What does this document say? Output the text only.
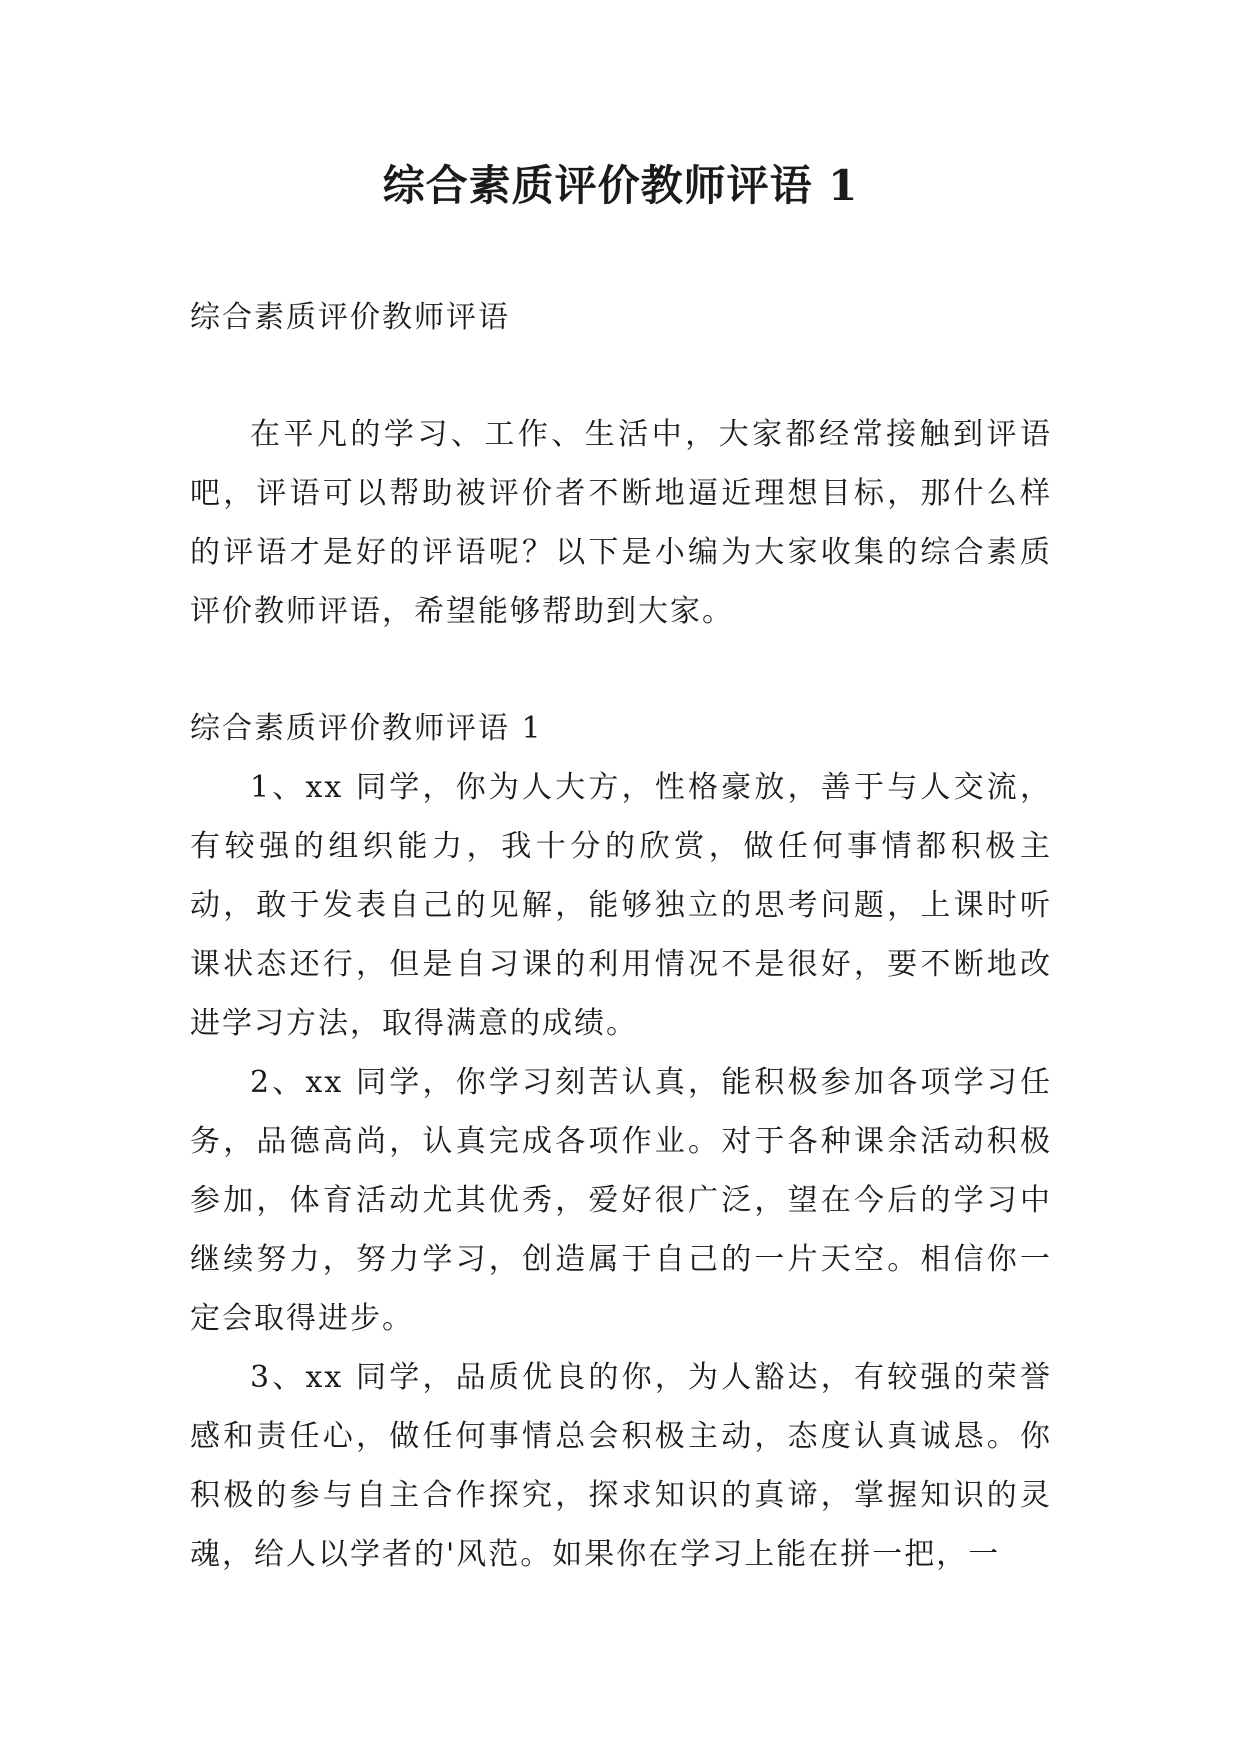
综合素质评价教师评语 1
综合素质评价教师评语
在平凡的学习、工作、生活中，大家都经常接触到评语吧，评语可以帮助被评价者不断地逼近理想目标，那什么样的评语才是好的评语呢？以下是小编为大家收集的综合素质评价教师评语，希望能够帮助到大家。
综合素质评价教师评语 1

1、xx 同学，你为人大方，性格豪放，善于与人交流，有较强的组织能力，我十分的欣赏，做任何事情都积极主动，敢于发表自己的见解，能够独立的思考问题，上课时听课状态还行，但是自习课的利用情况不是很好，要不断地改进学习方法，取得满意的成绩。

2、xx 同学，你学习刻苦认真，能积极参加各项学习任务，品德高尚，认真完成各项作业。对于各种课余活动积极参加，体育活动尤其优秀，爱好很广泛，望在今后的学习中继续努力，努力学习，创造属于自己的一片天空。相信你一定会取得进步。

3、xx 同学，品质优良的你，为人豁达，有较强的荣誉感和责任心，做任何事情总会积极主动，态度认真诚恳。你积极的参与自主合作探究，探求知识的真谛，掌握知识的灵魂，给人以学者的'风范。如果你在学习上能在拼一把，一
